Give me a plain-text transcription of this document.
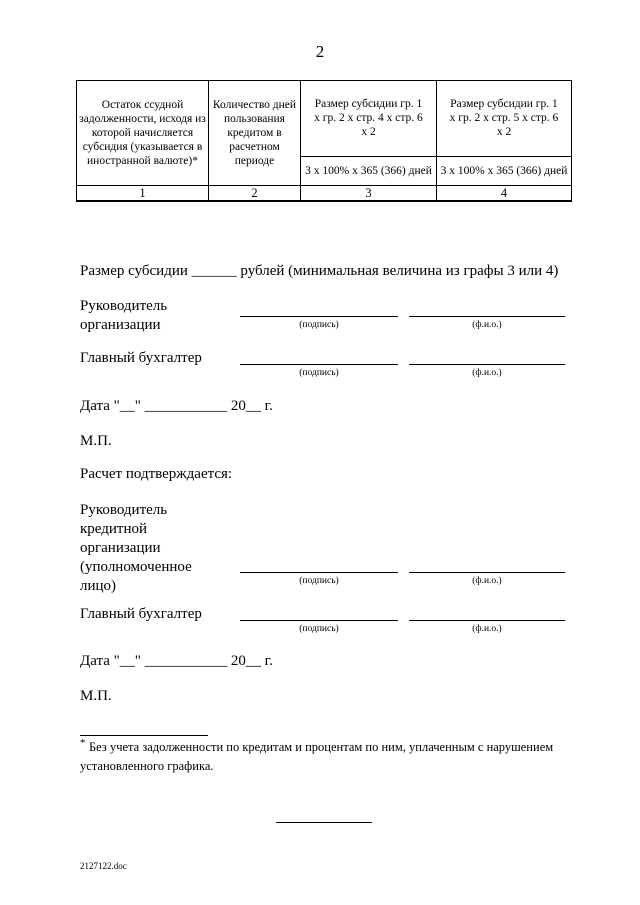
2
Остаток ссудной задолженности, исходя из которой начисляется субсидия (указывается в иностранной валюте)*	Количество дней пользования кредитом в расчетном периоде	Размер субсидии гр. 1 х гр. 2 х стр. 4 х стр. 6 х 2	Размер субсидии гр. 1 х гр. 2 х стр. 5 х стр. 6 х 2
		3 х 100% х 365 (366) дней	3 х 100% х 365 (366) дней
1	2	3	4
Размер субсидии ______ рублей (минимальная величина из графы 3 или 4)
Руководитель организации	(подпись)	(ф.и.о.)
Главный бухгалтер
(подпись)	(ф.и.о.)
Дата "__" ___________ 20__ г.
М.П.
Расчет подтверждается:
Руководитель кредитной организации (уполномоченное лицо)	(подпись)	(ф.и.о.)
Главный бухгалтер
(подпись)	(ф.и.о.)
Дата "__" ___________ 20__ г.
М.П.
* Без учета задолженности по кредитам и процентам по ним, уплаченным с нарушением установленного графика.
2127122.doc
